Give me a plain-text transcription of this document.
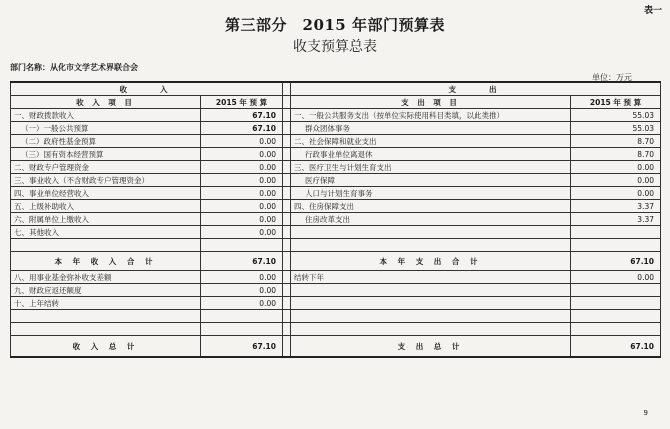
表一
第三部分　2015 年部门预算表
收支预算总表
部门名称：从化市文学艺术界联合会
单位：万元
收　　入			支　　出	
收 入 项 目	2015 年 预 算		支 出 项 目	2015 年 预 算
一、财政拨款收入	67.10		一、一般公共服务支出（按单位实际使用科目类填，以此类推）	55.03
（一）一般公共预算	67.10		群众团体事务	55.03
（二）政府性基金预算	0.00		二、社会保障和就业支出	8.70
（三）国有资本经营预算	0.00		行政事业单位离退休	8.70
二、财政专户管理资金	0.00		三、医疗卫生与计划生育支出	0.00
三、事业收入（不含财政专户管理资金）	0.00		医疗保障	0.00
四、事业单位经营收入	0.00		人口与计划生育事务	0.00
五、上级补助收入	0.00		四、住房保障支出	3.37
六、附属单位上缴收入	0.00		住房改革支出	3.37
七、其他收入	0.00			

本 年 收 入 合 计	67.10		本 年 支 出 合 计	67.10
八、用事业基金弥补收支差额	0.00		结转下年	0.00
九、财政应返还额度	0.00			
十、上年结转	0.00			

收 入 总 计	67.10		支 出 总 计	67.10
9
